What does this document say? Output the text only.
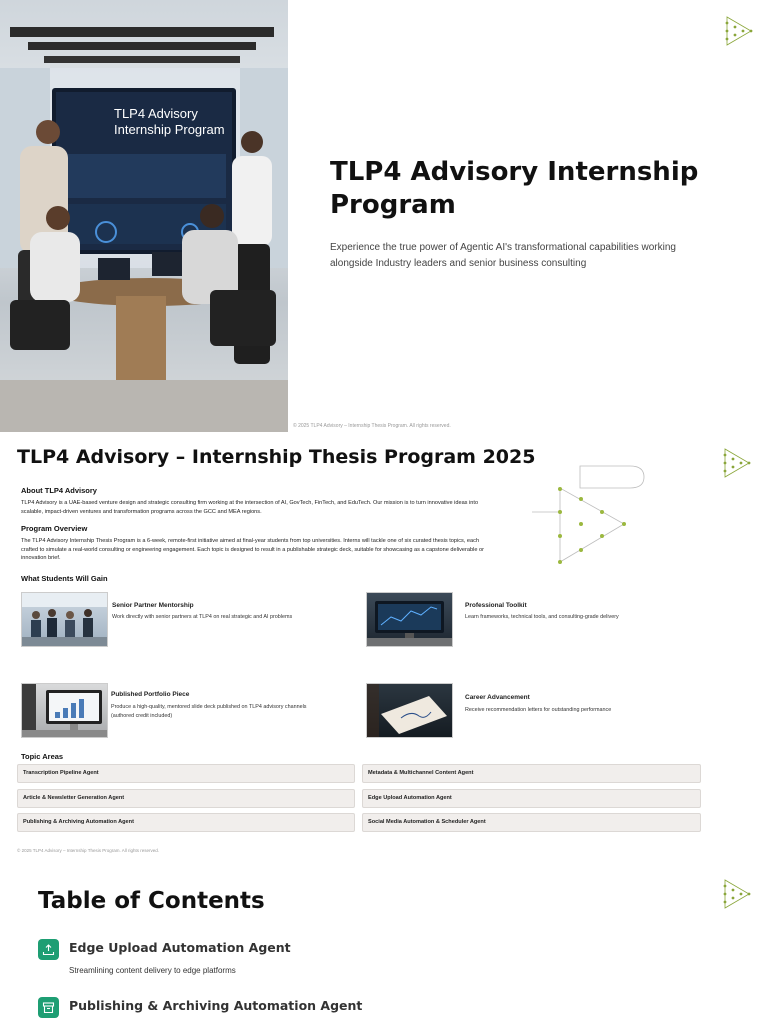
TLP4 Advisory
Internship Program
TLP4 Advisory Internship Program

Experience the true power of Agentic AI's transformational capabilities working alongside Industry leaders and senior business consulting

© 2025 TLP4 Advisory – Internship Thesis Program. All rights reserved.
TLP4 Advisory – Internship Thesis Program 2025
About TLP4 Advisory

TLP4 Advisory is a UAE-based venture design and strategic consulting firm working at the intersection of AI, GovTech, FinTech, and EduTech. Our mission is to turn innovative ideas into scalable, impact-driven ventures and transformation programs across the GCC and MEA regions.

Program Overview

The TLP4 Advisory Internship Thesis Program is a 6-week, remote-first initiative aimed at final-year students from top universities. Interns will tackle one of six curated thesis topics, each crafted to simulate a real-world consulting or engineering engagement. Each topic is designed to result in a publishable strategic deck, suitable for showcasing as a capstone deliverable or innovation brief.

What Students Will Gain
Senior Partner Mentorship
Work directly with senior partners at TLP4 on real strategic and AI problems
Professional Toolkit
Learn frameworks, technical tools, and consulting-grade delivery
Published Portfolio Piece
Produce a high-quality, mentored slide deck published on TLP4 advisory channels (authored credit included)
Career Advancement
Receive recommendation letters for outstanding performance
Topic Areas
Transcription Pipeline Agent	Metadata & Multichannel Content Agent
Article & Newsletter Generation Agent	Edge Upload Automation Agent
Publishing & Archiving Automation Agent	Social Media Automation & Scheduler Agent
© 2025 TLP4 Advisory – Internship Thesis Program. All rights reserved.
Table of Contents
Edge Upload Automation Agent

Streamlining content delivery to edge platforms

Publishing & Archiving Automation Agent
